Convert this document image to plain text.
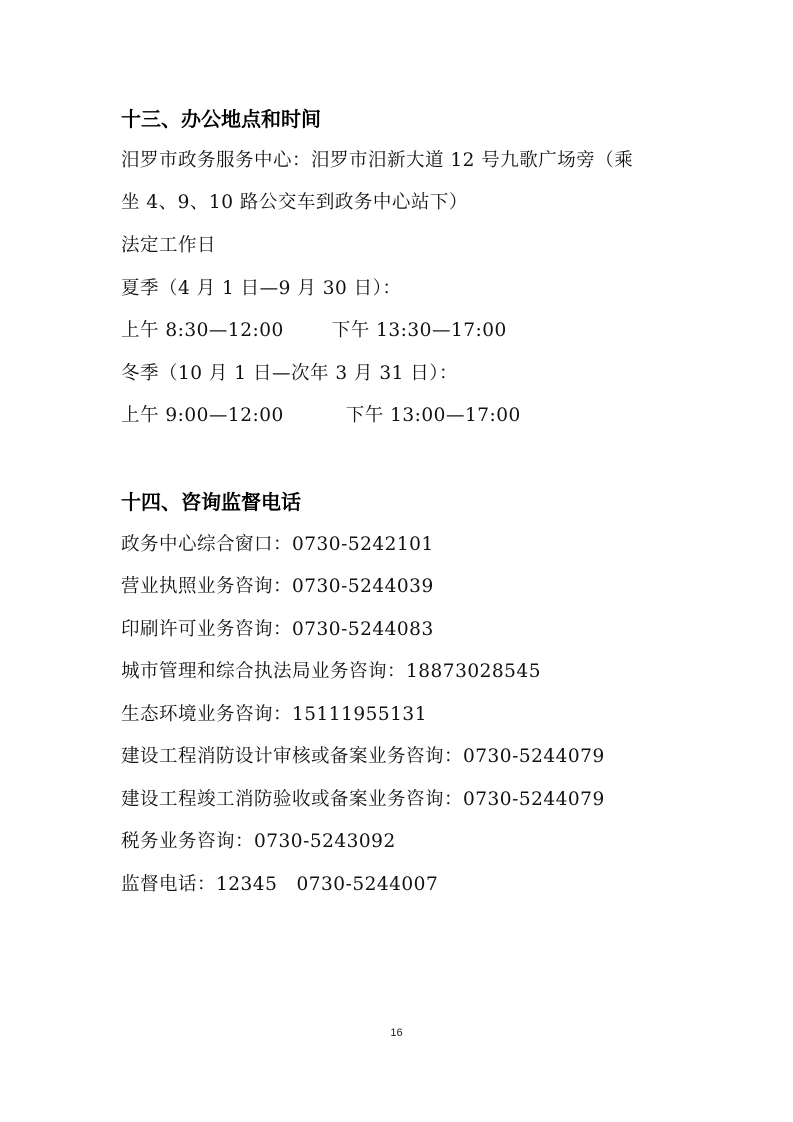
十三、办公地点和时间
汨罗市政务服务中心：汨罗市汨新大道 12 号九歌广场旁（乘
坐 4、9、10 路公交车到政务中心站下）
法定工作日
夏季（4 月 1 日—9 月 30 日）：
上午 8:30—12:00	下午 13:30—17:00
冬季（10 月 1 日—次年 3 月 31 日）：
上午 9:00—12:00	下午 13:00—17:00
十四、咨询监督电话
政务中心综合窗口：0730-5242101
营业执照业务咨询：0730-5244039
印刷许可业务咨询：0730-5244083
城市管理和综合执法局业务咨询：18873028545
生态环境业务咨询：15111955131
建设工程消防设计审核或备案业务咨询：0730-5244079
建设工程竣工消防验收或备案业务咨询：0730-5244079
税务业务咨询：0730-5243092
监督电话：12345   0730-5244007
16
